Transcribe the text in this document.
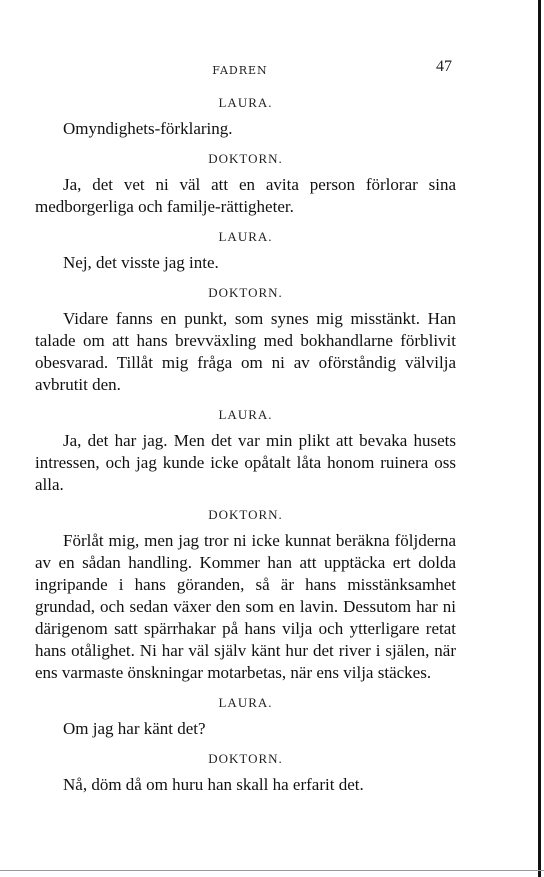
FADREN	47
LAURA.
Omyndighets-förklaring.
DOKTORN.
Ja, det vet ni väl att en avita person förlorar sina medborgerliga och familje-rättigheter.
LAURA.
Nej, det visste jag inte.
DOKTORN.
Vidare fanns en punkt, som synes mig misstänkt. Han talade om att hans brevväxling med bokhandlarne förblivit obesvarad. Tillåt mig fråga om ni av oförståndig välvilja avbrutit den.
LAURA.
Ja, det har jag. Men det var min plikt att bevaka husets intressen, och jag kunde icke opåtalt låta honom ruinera oss alla.
DOKTORN.
Förlåt mig, men jag tror ni icke kunnat beräkna följderna av en sådan handling. Kommer han att upptäcka ert dolda ingripande i hans göranden, så är hans misstänksamhet grundad, och sedan växer den som en lavin. Dessutom har ni därigenom satt spärrhakar på hans vilja och ytterligare retat hans otålighet. Ni har väl själv känt hur det river i själen, när ens varmaste önskningar motarbetas, när ens vilja stäckes.
LAURA.
Om jag har känt det?
DOKTORN.
Nå, döm då om huru han skall ha erfarit det.
